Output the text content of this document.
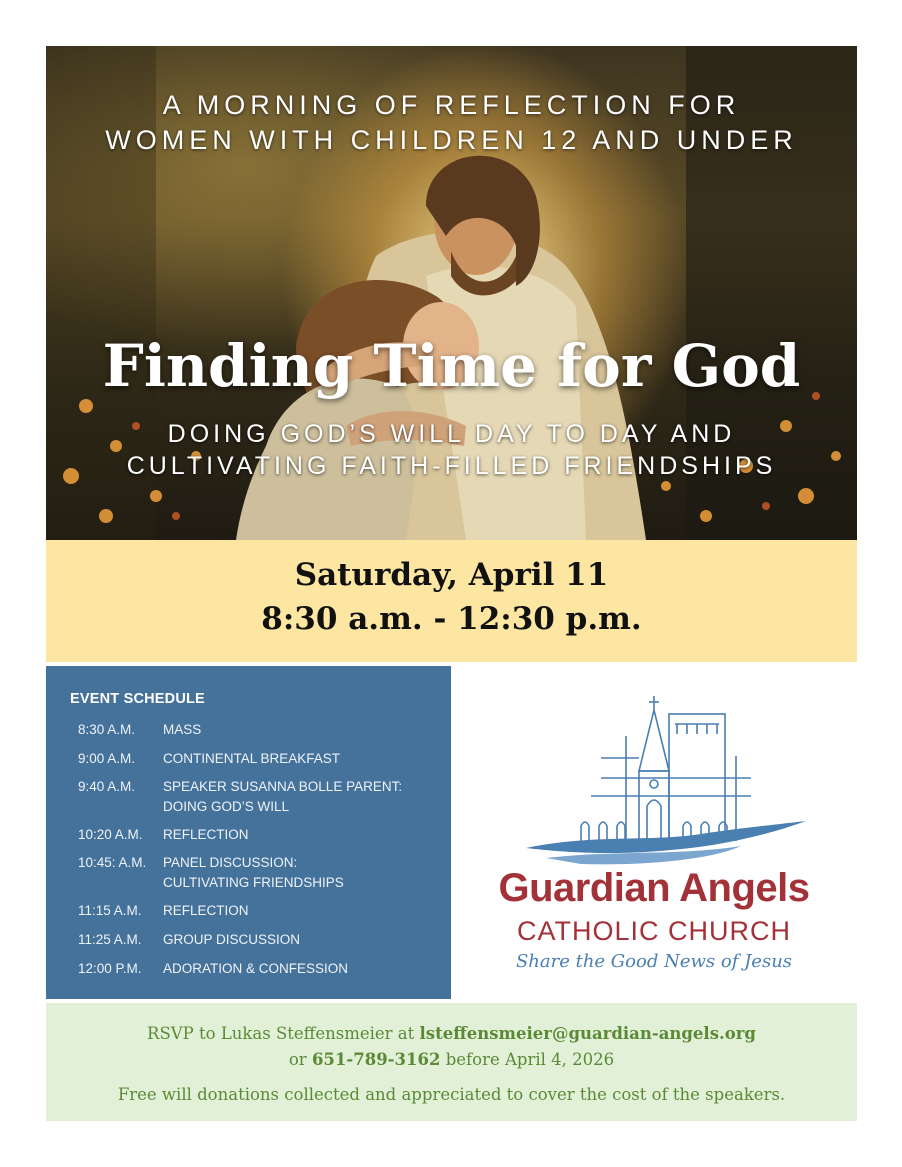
A MORNING OF REFLECTION FOR
WOMEN WITH CHILDREN 12 AND UNDER
Finding Time for God
DOING GOD’S WILL DAY TO DAY AND
CULTIVATING FAITH-FILLED FRIENDSHIPS
Saturday, April 11
8:30 a.m. - 12:30 p.m.
EVENT SCHEDULE
8:30 A.M.	MASS
9:00 A.M.	CONTINENTAL BREAKFAST
9:40 A.M.	SPEAKER SUSANNA BOLLE PARENT:
DOING GOD’S WILL
10:20 A.M.	REFLECTION
10:45: A.M.	PANEL DISCUSSION:
CULTIVATING FRIENDSHIPS
11:15 A.M.	REFLECTION
11:25 A.M.	GROUP DISCUSSION
12:00 P.M.	ADORATION & CONFESSION
Guardian Angels
CATHOLIC CHURCH
Share the Good News of Jesus
RSVP to Lukas Steffensmeier at lsteffensmeier@guardian-angels.org
or 651-789-3162 before April 4, 2026
Free will donations collected and appreciated to cover the cost of the speakers.
